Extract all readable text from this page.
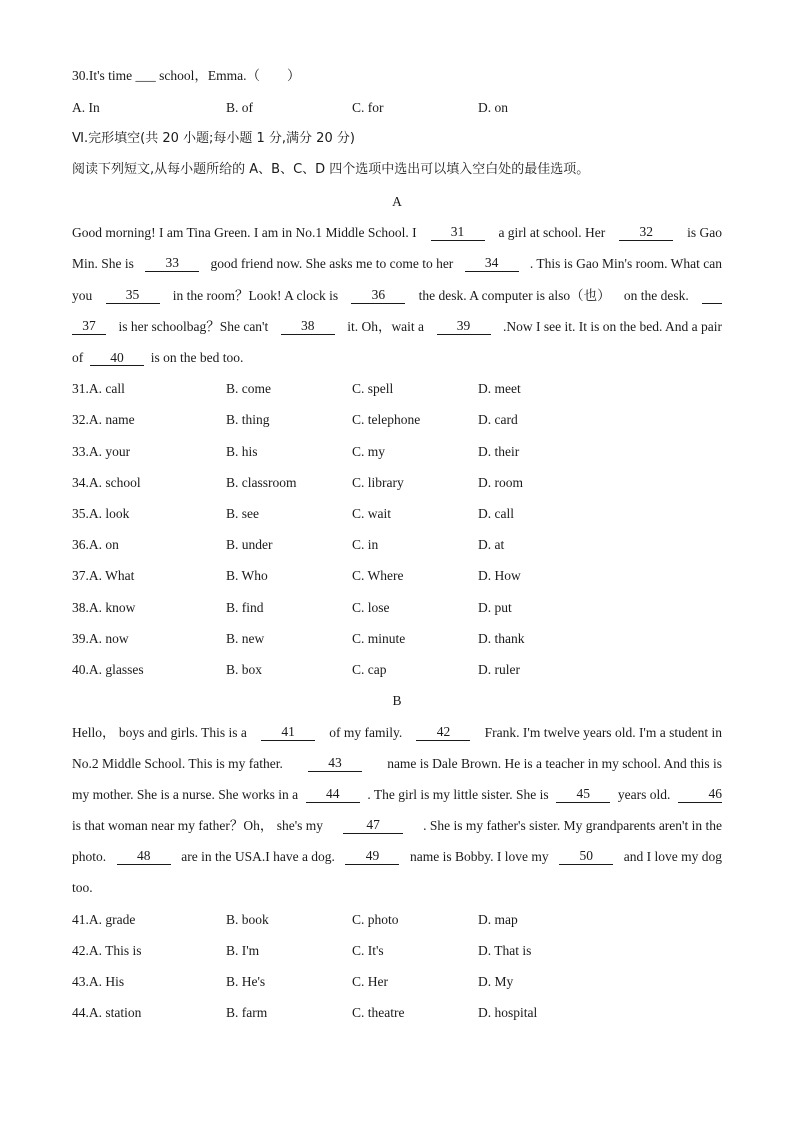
30.It's time ___ school，Emma.（　　）
A. In	B. of	C. for	D. on
Ⅵ.完形填空(共 20 小题;每小题 1 分,满分 20 分)
阅读下列短文,从每小题所给的 A、B、C、D 四个选项中选出可以填入空白处的最佳选项。
A
Good morning! I am Tina Green. I am in No.1 Middle School. I	31	a girl at school. Her	32	is Gao
Min. She is	33	good friend now. She asks me to come to her	34	. This is Gao Min's room. What can
you	35	in the room？Look! A clock is	36	the desk. A computer is also（也） on the desk.
37	is her schoolbag？She can't	38	it. Oh，wait a	39	.Now I see it. It is on the bed. And a pair
of 40 is on the bed too.
31.A. call	B. come	C. spell	D. meet
32.A. name	B. thing	C. telephone	D. card
33.A. your	B. his	C. my	D. their
34.A. school	B. classroom	C. library	D. room
35.A. look	B. see	C. wait	D. call
36.A. on	B. under	C. in	D. at
37.A. What	B. Who	C. Where	D. How
38.A. know	B. find	C. lose	D. put
39.A. now	B. new	C. minute	D. thank
40.A. glasses	B. box	C. cap	D. ruler
B
Hello， boys and girls. This is a	41	of my family.	42	Frank. I'm twelve years old. I'm a student in
No.2 Middle School. This is my father.	43	name is Dale Brown. He is a teacher in my school. And this is
my mother. She is a nurse. She works in a	44	. The girl is my little sister. She is	45	years old.	46
is that woman near my father？Oh， she's my	47	. She is my father's sister. My grandparents aren't in the
photo.	48	are in the USA.I have a dog.	49	name is Bobby. I love my	50	and I love my dog
too.
41.A. grade	B. book	C. photo	D. map
42.A. This is	B. I'm	C. It's	D. That is
43.A. His	B. He's	C. Her	D. My
44.A. station	B. farm	C. theatre	D. hospital
